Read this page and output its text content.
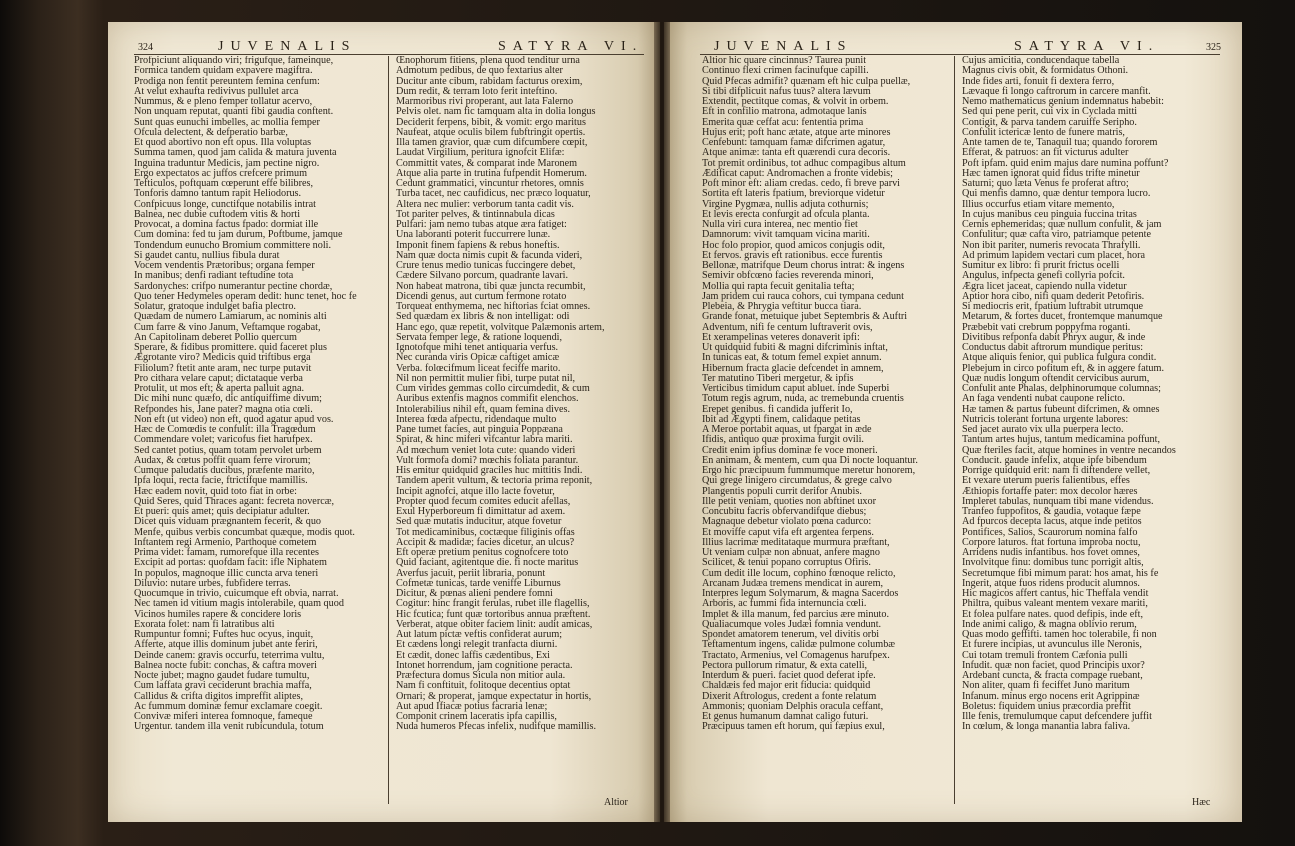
324	JUVENALIS	SATYRA VI.
Profpiciunt aliquando viri; frigufque, fameinque,
Formica tandem quidam expavere magiftra.
Prodiga non fentit pereuntem femina cenfum:
At velut exhaufta redivivus pullulet arca
Nummus, & e pleno femper tollatur acervo,
Non unquam reputat, quanti fibi gaudia conftent.
Sunt quas eunuchi imbelles, ac mollia femper
Ofcula delectent, & defperatio barbæ,
Et quod abortivo non eft opus. Illa voluptas
Summa tamen, quod jam calida & matura juventa
Inguina traduntur Medicis, jam pectine nigro.
Ergo expectatos ac juffos crefcere primum
Tefticulos, poftquam cœperunt effe bilibres,
Tonforis damno tantum rapit Heliodorus.
Confpicuus longe, cunctifque notabilis intrat
Balnea, nec dubie cuftodem vitis & horti
Provocat, a domina factus fpado: dormiat ille
Cum domina: fed tu jam durum, Poftbume, jamque
Tondendum eunucho Bromium committere noli.
Si gaudet cantu, nullius fibula durat
Vocem vendentis Prætoribus; organa femper
In manibus; denfi radiant teftudine tota
Sardonyches: crifpo numerantur pectine chordæ,
Quo tener Hedymeles operam dedit: hunc tenet, hoc fe
Solatur, gratoque indulget bafia plectro.
Quædam de numero Lamiarum, ac nominis alti
Cum farre & vino Janum, Veftamque rogabat,
An Capitolinam deberet Pollio quercum
Sperare, & fidibus promittere. quid faceret plus
Ægrotante viro? Medicis quid triftibus erga
Filiolum? ftetit ante aram, nec turpe putavit
Pro cithara velare caput; dictataque verba
Protulit, ut mos eft; & aperta palluit agna.
Dic mihi nunc quæfo, dic antiquiffime divum;
Refpondes his, Jane pater? magna otia cœli.
Non eft (ut video) non eft, quod agatur apud vos.
Hæc de Comœdis te confulit: illa Tragœdum
Commendare volet; varicofus fiet harufpex.
Sed cantet potius, quam totam pervolet urbem
Audax, & cœtus poffit quam ferre virorum;
Cumque paludatis ducibus, præfente marito,
Ipfa loqui, recta facie, ftrictifque mamillis.
Hæc eadem novit, quid toto fiat in orbe:
Quid Seres, quid Thraces agant: fecreta novercæ,
Et pueri: quis amet; quis decipiatur adulter.
Dicet quis viduam prægnantem fecerit, & quo
Menfe, quibus verbis concumbat quæque, modis quot.
Inftantem regi Armenio, Parthoque cometem
Prima videt: famam, rumorefque illa recentes
Excipit ad portas: quofdam facit: ifle Niphatem
In populos, magnoque illic cuncta arva teneri
Diluvio: nutare urbes, fubfidere terras.
Quocumque in trivio, cuicumque eft obvia, narrat.
Nec tamen id vitium magis intolerabile, quam quod
Vicinos humiles rapere & concidere loris
Exorata folet: nam fi latratibus alti
Rumpuntur fomni; Fuftes huc ocyus, inquit,
Afferte, atque illis dominum jubet ante feriri,
Deinde canem: gravis occurfu, teterrima vultu,
Balnea nocte fubit: conchas, & caftra moveri
Nocte jubet; magno gaudet fudare tumultu,
Cum laffata gravi ceciderunt brachia maffa,
Callidus & crifta digitos impreffit aliptes,
Ac fummum dominæ femur exclamare coegit.
Convivæ miferi interea fomnoque, fameque
Urgentur. tandem illa venit rubicundula, totum
Œnophorum fitiens, plena quod tenditur urna
Admotum pedibus, de quo fextarius alter
Ducitur ante cibum, rabidam facturus orexim,
Dum redit, & terram loto ferit inteftino.
Marmoribus rivi properant, aut lata Falerno
Pelvis olet. nam fic tamquam alta in dolia longus
Deciderit ferpens, bibit, & vomit: ergo maritus
Naufeat, atque oculis bilem fubftringit opertis.
Illa tamen gravior, quæ cum difcumbere cœpit,
Laudat Virgilium, peritura ignofcit Elifæ:
Committit vates, & comparat inde Maronem
Atque alia parte in trutina fufpendit Homerum.
Cedunt grammatici, vincuntur rhetores, omnis
Turba tacet, nec caufidicus, nec præco loquatur,
Altera nec mulier: verborum tanta cadit vis.
Tot pariter pelves, & tintinnabula dicas
Pulfari: jam nemo tubas atque æra fatiget:
Una laboranti poterit fuccurrere lunæ.
Imponit finem fapiens & rebus honeftis.
Nam quæ docta nimis cupit & facunda videri,
Crure tenus medio tunicas fuccingere debet,
Cædere Silvano porcum, quadrante lavari.
Non habeat matrona, tibi quæ juncta recumbit,
Dicendi genus, aut curtum fermone rotato
Torqueat enthymema, nec hiftorias fciat omnes.
Sed quædam ex libris & non intelligat: odi
Hanc ego, quæ repetit, volvitque Palæmonis artem,
Servata femper lege, & ratione loquendi,
Ignotofque mihi tenet antiquaria verfus.
Nec curanda viris Opicæ caftiget amicæ
Verba. folœcifmum liceat feciffe marito.
Nil non permittit mulier fibi, turpe putat nil,
Cum virides gemmas collo circumdedit, & cum
Auribus extenfis magnos commifit elenchos.
Intolerabilius nihil eft, quam femina dives.
Interea fœda afpectu, ridendaque multo
Pane tumet facies, aut pinguia Poppæana
Spirat, & hinc miferi vifcantur labra mariti.
Ad mœchum veniet lota cute: quando videri
Vult formofa domi? mœchis foliata parantur.
His emitur quidquid graciles huc mittitis Indi.
Tandem aperit vultum, & tectoria prima reponit,
Incipit agnofci, atque illo lacte fovetur,
Propter quod fecum comites educit afellas,
Exul Hyperboreum fi dimittatur ad axem.
Sed quæ mutatis inducitur, atque fovetur
Tot medicaminibus, coctæque filiginis offas
Accipit & madidæ; facies dicetur, an ulcus?
Eft operæ pretium penitus cognofcere toto
Quid faciant, agitentque die. fi nocte maritus
Averfus jacuit, periit libraria, ponunt
Cofmetæ tunicas, tarde veniffe Liburnus
Dicitur, & pœnas alieni pendere fomni
Cogitur: hinc frangit ferulas, rubet ille flagellis,
Hic fcutica; funt quæ tortoribus annua præftent.
Verberat, atque obiter faciem linit: audit amicas,
Aut latum pictæ veftis confiderat aurum;
Et cædens longi relegit tranfacta diurni.
Et cædit, donec laffis cædentibus, Exi
Intonet horrendum, jam cognitione peracta.
Præfectura domus Sicula non mitior aula.
Nam fi conftituit, folitoque decentius optat
Ornari; & properat, jamque expectatur in hortis,
Aut apud Ifiacæ potius facraria lenæ;
Componit crinem laceratis ipfa capillis,
Nuda humeros Pfecas infelix, nudifque mamillis.
Altior
JUVENALIS	SATYRA VI.	325
Altior hic quare cincinnus? Taurea punit
Continuo flexi crimen facinufque capilli.
Quid Pfecas admifit? quænam eft hic culpa puellæ,
Si tibi difplicuit nafus tuus? altera lævum
Extendit, pectitque comas, & volvit in orbem.
Eft in confilio matrona, admotaque lanis
Emerita quæ ceffat acu: fententia prima
Hujus erit; poft hanc ætate, atque arte minores
Cenfebunt: tamquam famæ difcrimen agatur,
Atque animæ: tanta eft quærendi cura decoris.
Tot premit ordinibus, tot adhuc compagibus altum
Ædificat caput: Andromachen a fronte videbis;
Poft minor eft: aliam credas. cedo, fi breve parvi
Sortita eft lateris fpatium, breviorque videtur
Virgine Pygmæa, nullis adjuta cothurnis;
Et levis erecta confurgit ad ofcula planta.
Nulla viri cura interea, nec mentio fiet
Damnorum: vivit tamquam vicina mariti.
Hoc folo propior, quod amicos conjugis odit,
Et fervos. gravis eft rationibus. ecce furentis
Bellonæ, matrifque Deum chorus intrat: & ingens
Semivir obfcœno facies reverenda minori,
Mollia qui rapta fecuit genitalia tefta;
Jam pridem cui rauca cohors, cui tympana cedunt
Plebeia, & Phrygia veftitur bucca tiara.
Grande fonat, metuique jubet Septembris & Auftri
Adventum, nifi fe centum luftraverit ovis,
Et xerampelinas veteres donaverit ipfi:
Ut quidquid fubiti & magni difcriminis inftat,
In tunicas eat, & totum femel expiet annum.
Hibernum fracta glacie defcendet in amnem,
Ter matutino Tiberi mergetur, & ipfis
Verticibus timidum caput abluet. inde Superbi
Totum regis agrum, nuda, ac tremebunda cruentis
Erepet genibus. fi candida jufferit Io,
Ibit ad Ægypti finem, calidaque petitas
A Meroe portabit aquas, ut fpargat in æde
Ifidis, antiquo quæ proxima furgit ovili.
Credit enim ipfius dominæ fe voce moneri.
En animam, & mentem, cum qua Di nocte loquantur.
Ergo hic præcipuum fummumque meretur honorem,
Qui grege linigero circumdatus, & grege calvo
Plangentis populi currit derifor Anubis.
Ille petit veniam, quoties non abftinet uxor
Concubitu facris obfervandifque diebus;
Magnaque debetur violato pœna cadurco:
Et moviffe caput vifa eft argentea ferpens.
Illius lacrimæ meditataque murmura præftant,
Ut veniam culpæ non abnuat, anfere magno
Scilicet, & tenui popano corruptus Ofiris.
Cum dedit ille locum, cophino fœnoque relicto,
Arcanam Judæa tremens mendicat in aurem,
Interpres legum Solymarum, & magna Sacerdos
Arboris, ac fummi fida internuncia cœli.
Implet & illa manum, fed parcius ære minuto.
Qualiacumque voles Judæi fomnia vendunt.
Spondet amatorem tenerum, vel divitis orbi
Teftamentum ingens, calidæ pulmone columbæ
Tractato, Armenius, vel Comagenus harufpex.
Pectora pullorum rimatur, & exta catelli,
Interdum & pueri. faciet quod deferat ipfe.
Chaldæis fed major erit fiducia: quidquid
Dixerit Aftrologus, credent a fonte relatum
Ammonis; quoniam Delphis oracula ceffant,
Et genus humanum damnat caligo futuri.
Præcipuus tamen eft horum, qui fæpius exul,
Cujus amicitia, conducendaque tabella
Magnus civis obit, & formidatus Othoni.
Inde fides arti, fonuit fi dextera ferro,
Lævaque fi longo caftrorum in carcere manfit.
Nemo mathematicus genium indemnatus habebit:
Sed qui pene perit, cui vix in Cyclada mitti
Contigit, & parva tandem caruiffe Seripho.
Confulit ictericæ lento de funere matris,
Ante tamen de te, Tanaquil tua; quando fororem
Efferat, & patruos: an fit victurus adulter
Poft ipfam. quid enim majus dare numina poffunt?
Hæc tamen ignorat quid fidus trifte minetur
Saturni; quo læta Venus fe proferat aftro;
Qui menfis damno, quæ dentur tempora lucro.
Illius occurfus etiam vitare memento,
In cujus manibus ceu pinguia fuccina tritas
Cernis ephemeridas; quæ nullum confulit, & jam
Confulitur; quæ cafta viro, patriamque petente
Non ibit pariter, numeris revocata Thrafylli.
Ad primum lapidem vectari cum placet, hora
Sumitur ex libro: fi prurit frictus ocelli
Angulus, infpecta genefi collyria pofcit.
Ægra licet jaceat, capiendo nulla videtur
Aptior hora cibo, nifi quam dederit Petofiris.
Si mediocris erit, fpatium luftrabit utrumque
Metarum, & fortes ducet, frontemque manumque
Præbebit vati crebrum poppyfma roganti.
Divitibus refponfa dabit Phryx augur, & inde
Conductus dabit aftrorum mundique peritus:
Atque aliquis fenior, qui publica fulgura condit.
Plebejum in circo pofitum eft, & in aggere fatum.
Quæ nudis longum oftendit cervicibus aurum,
Confulit ante Phalas, delphinorumque columnas;
An faga vendenti nubat caupone relicto.
Hæ tamen & partus fubeunt difcrimen, & omnes
Nutricis tolerant fortuna urgente labores:
Sed jacet aurato vix ulla puerpera lecto.
Tantum artes hujus, tantum medicamina poffunt,
Quæ fteriles facit, atque homines in ventre necandos
Conducit. gaude infelix, atque ipfe bibendum
Porrige quidquid erit: nam fi diftendere vellet,
Et vexare uterum pueris falientibus, effes
Æthiopis fortaffe pater: mox decolor hæres
Impleret tabulas, nunquam tibi mane videndus.
Tranfeo fuppofitos, & gaudia, votaque fæpe
Ad fpurcos decepta lacus, atque inde petitos
Pontifices, Salios, Scaurorum nomina falfo
Corpore laturos. ftat fortuna improba noctu,
Arridens nudis infantibus. hos fovet omnes,
Involvitque finu: domibus tunc porrigit altis,
Secretumque fibi mimum parat: hos amat, his fe
Ingerit, atque fuos ridens producit alumnos.
Hic magicos affert cantus, hic Theffala vendit
Philtra, quibus valeant mentem vexare mariti,
Et folea pulfare nates. quod defipis, inde eft,
Inde animi caligo, & magna oblivio rerum,
Quas modo geffifti. tamen hoc tolerabile, fi non
Et furere incipias, ut avunculus ille Neronis,
Cui totam tremuli frontem Cæfonia pulli
Infudit. quæ non faciet, quod Principis uxor?
Ardebant cuncta, & fracta compage ruebant,
Non aliter, quam fi feciffet Juno maritum
Infanum. minus ergo nocens erit Agrippinæ
Boletus: fiquidem unius præcordia preffit
Ille fenis, tremulumque caput defcendere juffit
In cœlum, & longa manantia labra faliva.
Hæc
